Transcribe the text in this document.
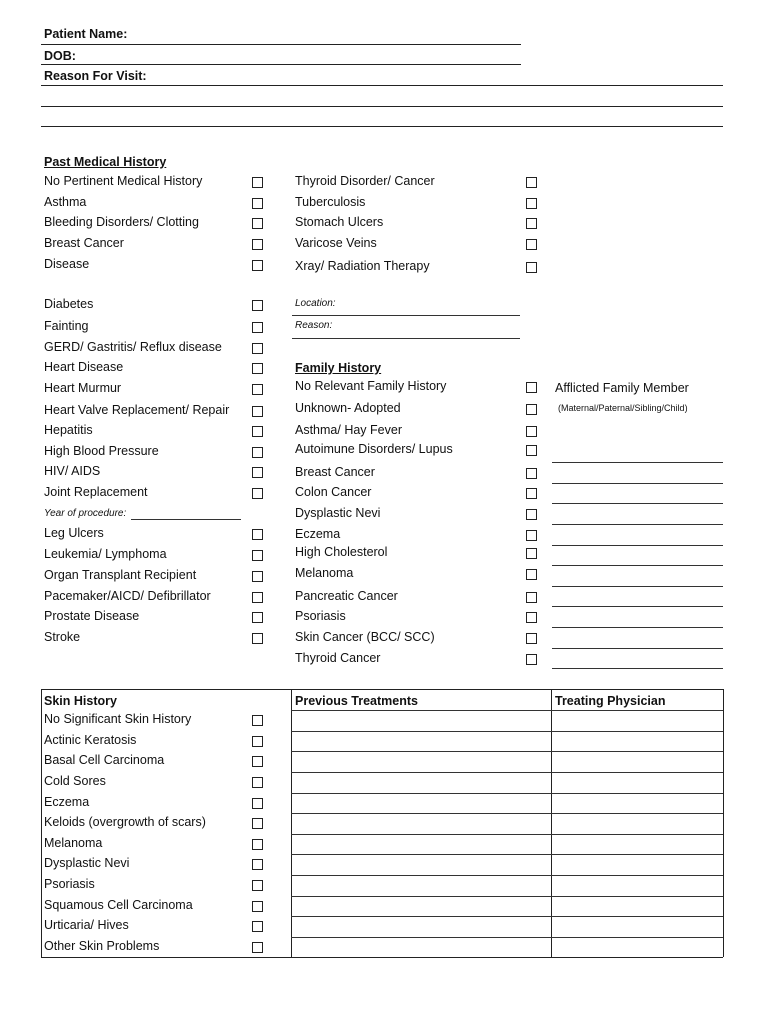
Patient Name:
DOB:
Reason For Visit:
Past Medical History
No Pertinent Medical History
Asthma
Bleeding Disorders/ Clotting
Breast Cancer
Disease
Diabetes
Fainting
GERD/ Gastritis/ Reflux disease
Heart Disease
Heart Murmur
Heart Valve Replacement/ Repair
Hepatitis
High Blood Pressure
HIV/ AIDS
Joint Replacement
Leg Ulcers
Leukemia/ Lymphoma
Organ Transplant Recipient
Pacemaker/AICD/ Defibrillator
Prostate Disease
Stroke
Year of procedure:
Thyroid Disorder/ Cancer
Tuberculosis
Stomach Ulcers
Varicose Veins
Xray/ Radiation Therapy
Location:
Reason:
Family History
No Relevant Family History
Unknown- Adopted
Asthma/ Hay Fever
Autoimune Disorders/ Lupus
Breast Cancer
Colon Cancer
Dysplastic Nevi
Eczema
High Cholesterol
Melanoma
Pancreatic Cancer
Psoriasis
Skin Cancer (BCC/ SCC)
Thyroid Cancer
Afflicted Family Member
(Maternal/Paternal/Sibling/Child)
Skin History	Previous Treatments	Treating Physician
No Significant Skin History
Actinic Keratosis
Basal Cell Carcinoma
Cold Sores
Eczema
Keloids (overgrowth of scars)
Melanoma
Dysplastic Nevi
Psoriasis
Squamous Cell Carcinoma
Urticaria/ Hives
Other Skin Problems
